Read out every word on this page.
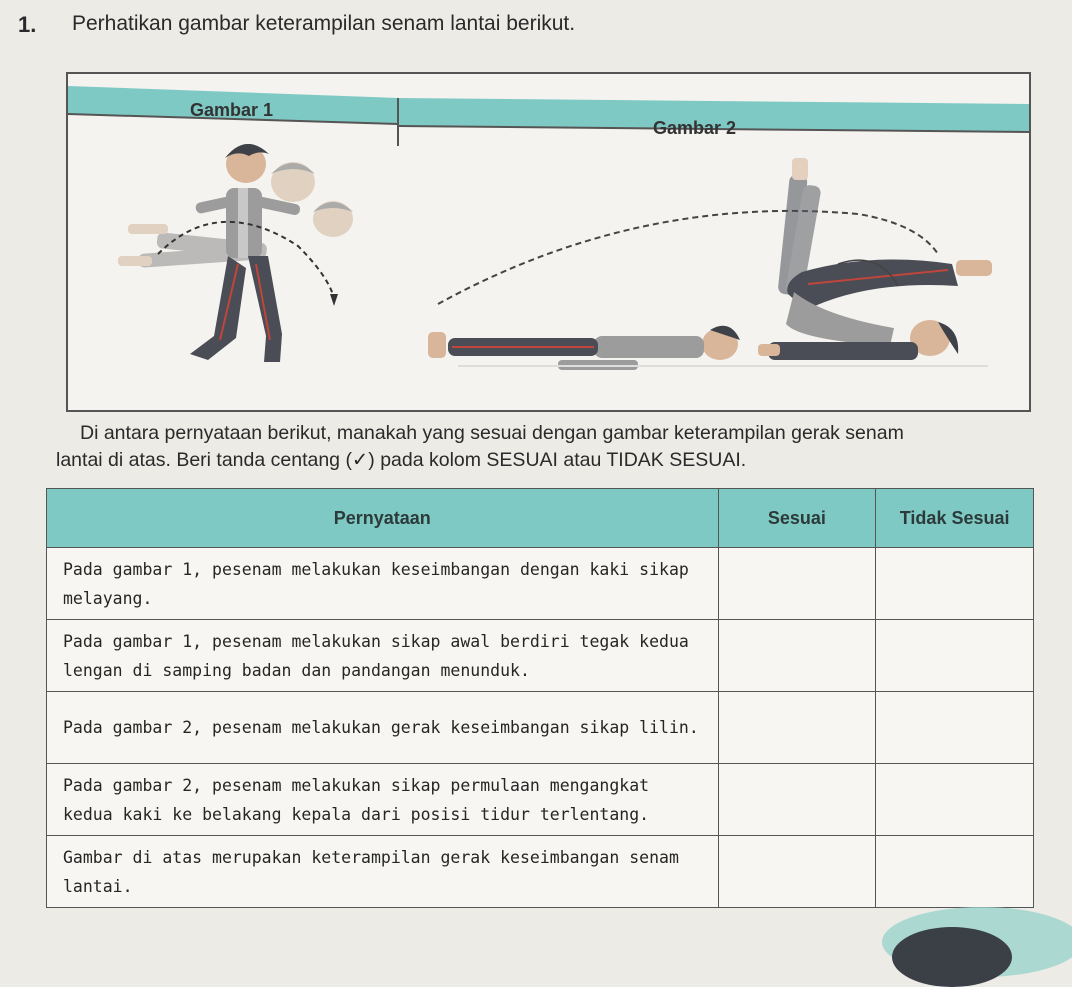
1. Perhatikan gambar keterampilan senam lantai berikut.
Gambar 1
Gambar 2
Di antara pernyataan berikut, manakah yang sesuai dengan gambar keterampilan gerak senam
lantai di atas. Beri tanda centang (✓) pada kolom SESUAI atau TIDAK SESUAI.
Pernyataan	Sesuai	Tidak Sesuai
Pada gambar 1, pesenam melakukan keseimbangan dengan kaki sikap melayang.		
Pada gambar 1, pesenam melakukan sikap awal berdiri tegak kedua lengan di samping badan dan pandangan menunduk.		
Pada gambar 2, pesenam melakukan gerak keseimbangan sikap lilin.		
Pada gambar 2, pesenam melakukan sikap permulaan mengangkat kedua kaki ke belakang kepala dari posisi tidur terlentang.		
Gambar di atas merupakan keterampilan gerak keseimbangan senam lantai.		
